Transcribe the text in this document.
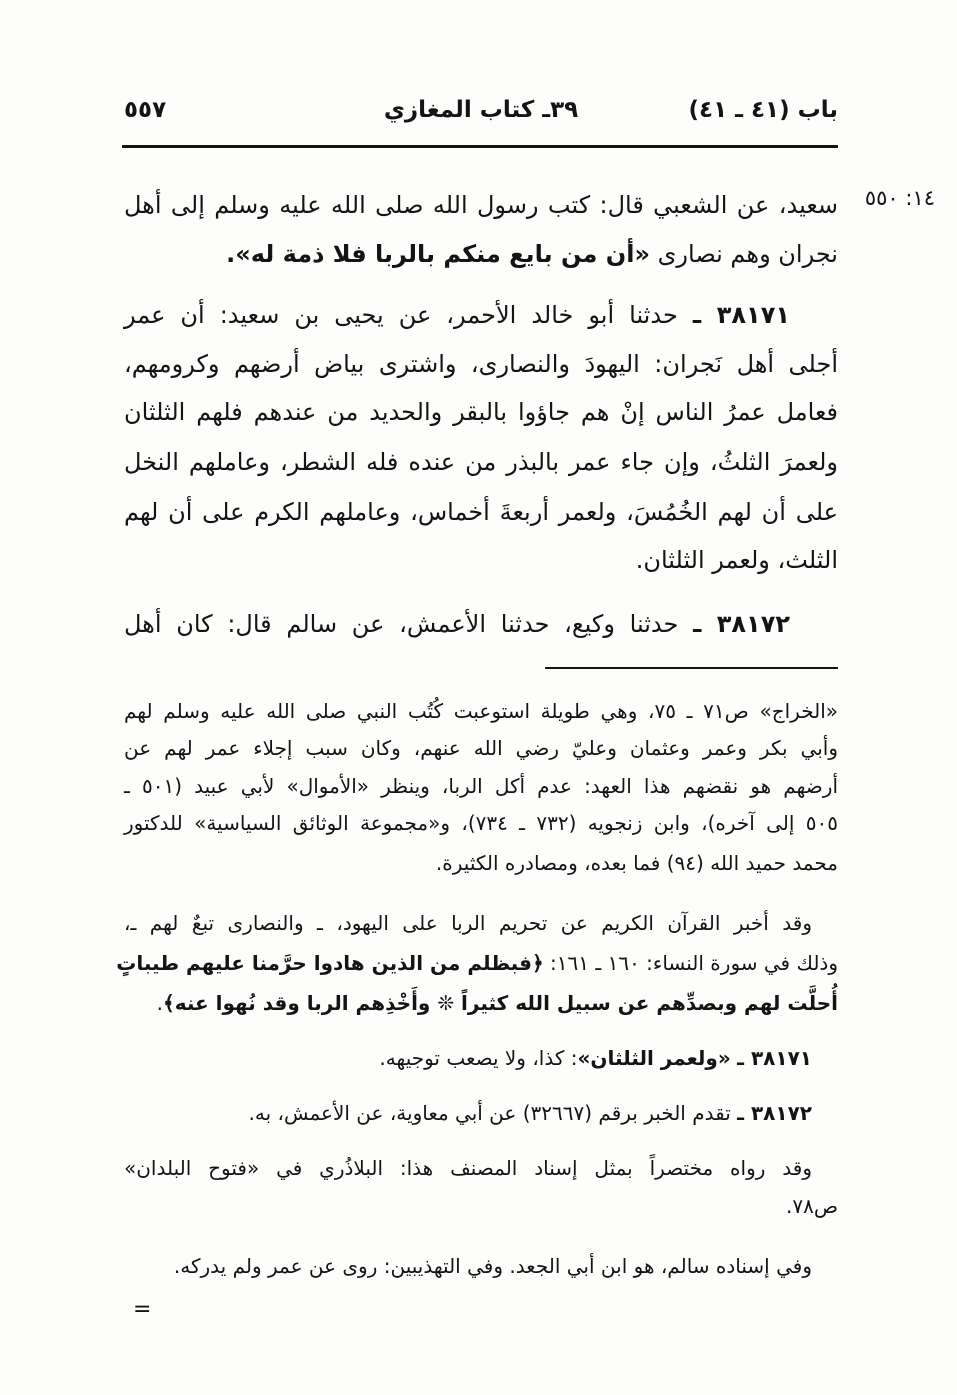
باب (٤١ ـ ٤١)
٣٩ـ كتاب المغازي
٥٥٧
١٤: ٥٥٠
سعيد، عن الشعبي قال: كتب رسول الله صلى الله عليه وسلم إلى أهل
نجران وهم نصارى «أن من بايع منكم بالربا فلا ذمة له».
٣٨١٧١ ـ حدثنا أبو خالد الأحمر، عن يحيى بن سعيد: أن عمر
أجلى أهل نَجران: اليهودَ والنصارى، واشترى بياض أرضهم وكرومهم،
فعامل عمرُ الناس إنْ هم جاؤوا بالبقر والحديد من عندهم فلهم الثلثان
ولعمرَ الثلثُ، وإن جاء عمر بالبذر من عنده فله الشطر، وعاملهم النخل
على أن لهم الخُمُسَ، ولعمر أربعةَ أخماس، وعاملهم الكرم على أن لهم
الثلث، ولعمر الثلثان.
٣٨١٧٢ ـ حدثنا وكيع، حدثنا الأعمش، عن سالم قال: كان أهل
«الخراج» ص٧١ ـ ٧٥، وهي طويلة استوعبت كُتُب النبي صلى الله عليه وسلم لهم
وأبي بكر وعمر وعثمان وعليّ رضي الله عنهم، وكان سبب إجلاء عمر لهم عن
أرضهم هو نقضهم هذا العهد: عدم أكل الربا، وينظر «الأموال» لأبي عبيد (٥٠١ ـ
٥٠٥ إلى آخره)، وابن زنجويه (٧٣٢ ـ ٧٣٤)، و«مجموعة الوثائق السياسية» للدكتور
محمد حميد الله (٩٤) فما بعده، ومصادره الكثيرة.
وقد أخبر القرآن الكريم عن تحريم الربا على اليهود، ـ والنصارى تبعٌ لهم ـ،
وذلك في سورة النساء: ١٦٠ ـ ١٦١: ﴿فبظلم من الذين هادوا حرَّمنا عليهم طيباتٍ
أُحلَّت لهم وبصدِّهم عن سبيل الله كثيراً ❊ وأَخْذِهم الربا وقد نُهوا عنه﴾.
٣٨١٧١ ـ «ولعمر الثلثان»: كذا، ولا يصعب توجيهه.
٣٨١٧٢ ـ تقدم الخبر برقم (٣٢٦٦٧) عن أبي معاوية، عن الأعمش، به.
وقد رواه مختصراً بمثل إسناد المصنف هذا: البلاذُري في «فتوح البلدان»
ص٧٨.
وفي إسناده سالم، هو ابن أبي الجعد. وفي التهذيبين: روى عن عمر ولم يدركه.
=
